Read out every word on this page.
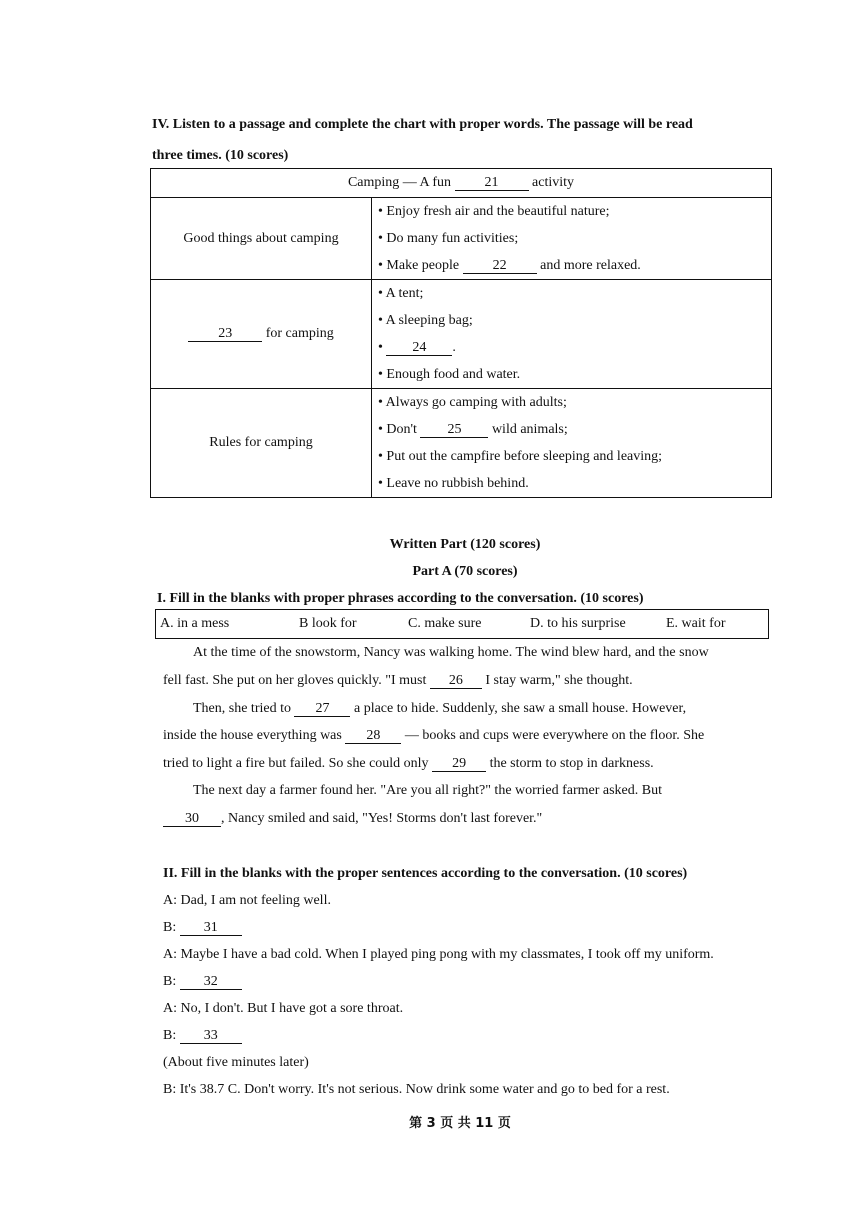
IV. Listen to a passage and complete the chart with proper words. The passage will be read
three times. (10 scores)
Camping — A fun 21 activity	
Good things about camping	• Enjoy fresh air and the beautiful nature;
• Do many fun activities;
• Make people 22 and more relaxed.

23 for camping	• A tent;
• A sleeping bag;
• 24 .
• Enough food and water.

Rules for camping	• Always go camping with adults;
• Don't 25 wild animals;
• Put out the campfire before sleeping and leaving;
• Leave no rubbish behind.
Written Part (120 scores)
Part A (70 scores)
I. Fill in the blanks with proper phrases according to the conversation. (10 scores)
A. in a mess	B look for	C. make sure	D. to his surprise	E. wait for
At the time of the snowstorm, Nancy was walking home. The wind blew hard, and the snow
fell fast. She put on her gloves quickly. "I must 26 I stay warm," she thought.
Then, she tried to 27 a place to hide. Suddenly, she saw a small house. However,
inside the house everything was 28 — books and cups were everywhere on the floor. She
tried to light a fire but failed. So she could only 29 the storm to stop in darkness.
The next day a farmer found her. "Are you all right?" the worried farmer asked. But
30 , Nancy smiled and said, "Yes! Storms don't last forever."
II. Fill in the blanks with the proper sentences according to the conversation. (10 scores)
A: Dad, I am not feeling well.
B: 31
A: Maybe I have a bad cold. When I played ping pong with my classmates, I took off my uniform.
B: 32
A: No, I don't. But I have got a sore throat.
B: 33
(About five minutes later)
B: It's 38.7 C. Don't worry. It's not serious. Now drink some water and go to bed for a rest.
第 3 页 共 11 页
